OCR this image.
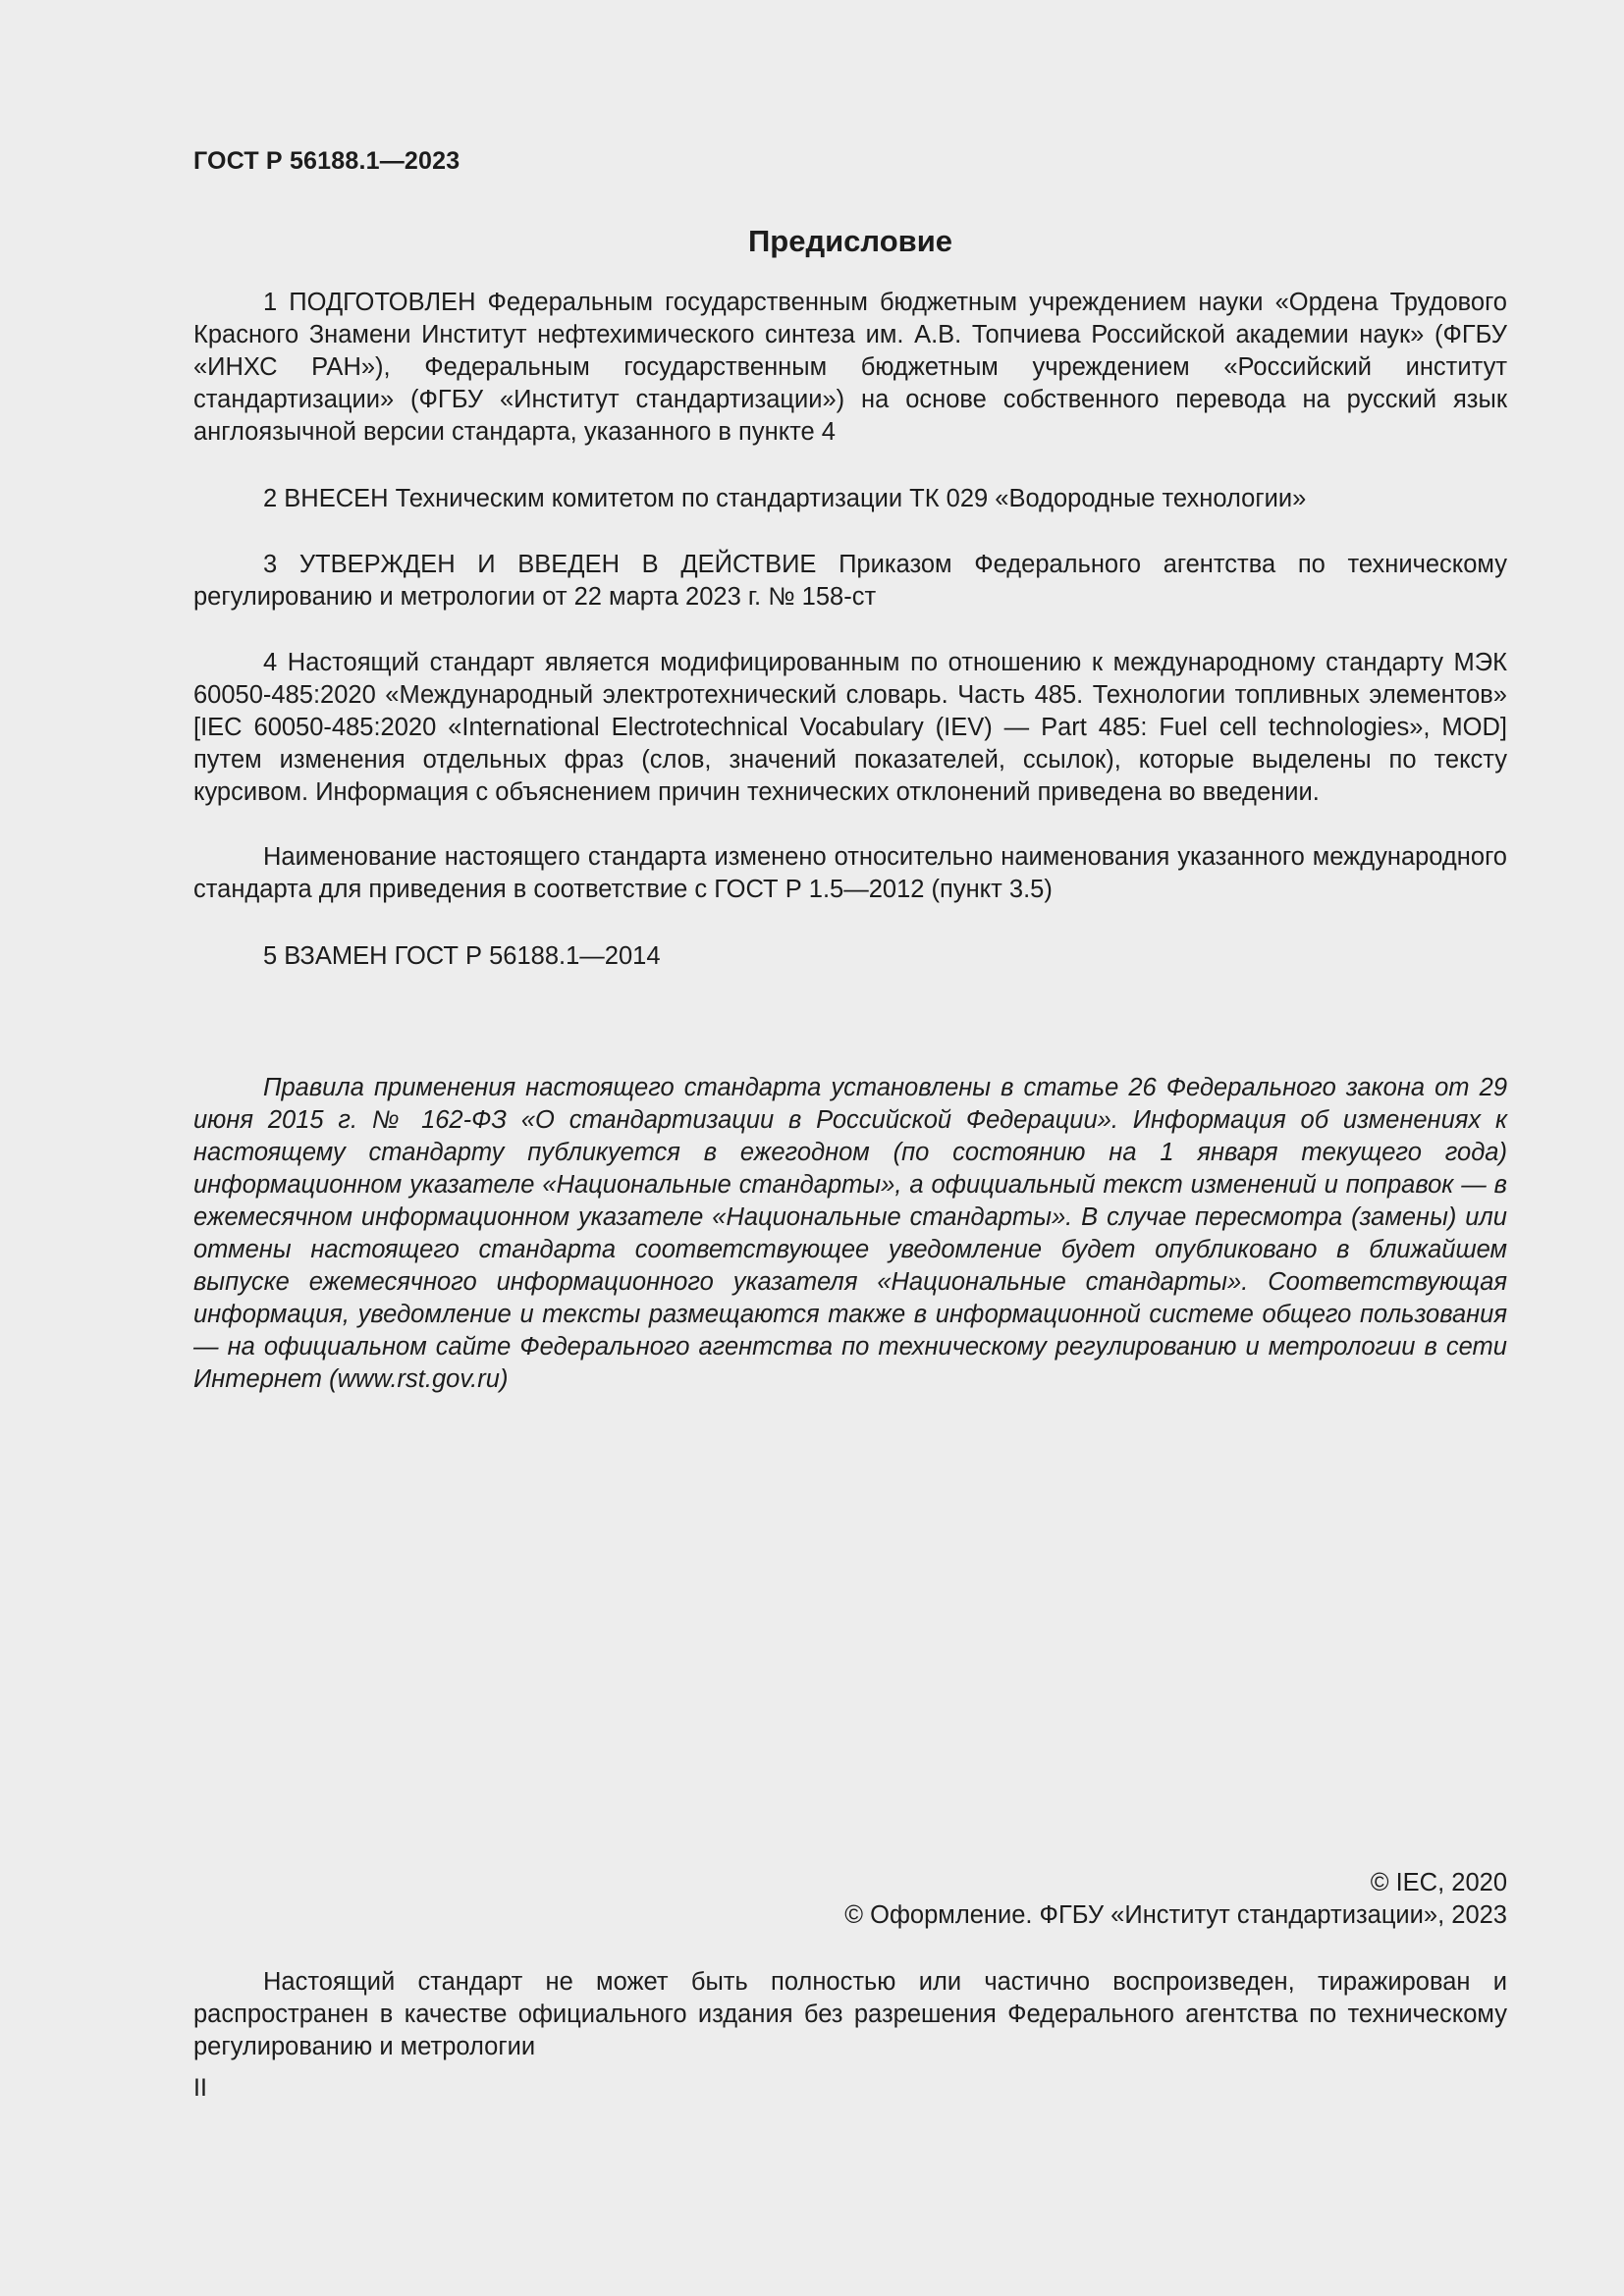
ГОСТ Р 56188.1—2023
Предисловие

1 ПОДГОТОВЛЕН Федеральным государственным бюджетным учреждением науки «Ордена Трудового Красного Знамени Институт нефтехимического синтеза им. А.В. Топчиева Российской академии наук» (ФГБУ «ИНХС РАН»), Федеральным государственным бюджетным учреждением «Российский институт стандартизации» (ФГБУ «Институт стандартизации») на основе собственного перевода на русский язык англоязычной версии стандарта, указанного в пункте 4

2 ВНЕСЕН Техническим комитетом по стандартизации ТК 029 «Водородные технологии»

3 УТВЕРЖДЕН И ВВЕДЕН В ДЕЙСТВИЕ Приказом Федерального агентства по техническому регулированию и метрологии от 22 марта 2023 г. № 158-ст

4 Настоящий стандарт является модифицированным по отношению к международному стандарту МЭК 60050-485:2020 «Международный электротехнический словарь. Часть 485. Технологии топливных элементов» [IEC 60050-485:2020 «International Electrotechnical Vocabulary (IEV) — Part 485: Fuel cell technologies», MOD] путем изменения отдельных фраз (слов, значений показателей, ссылок), которые выделены по тексту курсивом. Информация с объяснением причин технических отклонений приведена во введении.

Наименование настоящего стандарта изменено относительно наименования указанного международного стандарта для приведения в соответствие с ГОСТ Р 1.5—2012 (пункт 3.5)

5 ВЗАМЕН ГОСТ Р 56188.1—2014

Правила применения настоящего стандарта установлены в статье 26 Федерального закона от 29 июня 2015 г. № 162-ФЗ «О стандартизации в Российской Федерации». Информация об изменениях к настоящему стандарту публикуется в ежегодном (по состоянию на 1 января текущего года) информационном указателе «Национальные стандарты», а официальный текст изменений и поправок — в ежемесячном информационном указателе «Национальные стандарты». В случае пересмотра (замены) или отмены настоящего стандарта соответствующее уведомление будет опубликовано в ближайшем выпуске ежемесячного информационного указателя «Национальные стандарты». Соответствующая информация, уведомление и тексты размещаются также в информационной системе общего пользования — на официальном сайте Федерального агентства по техническому регулированию и метрологии в сети Интернет (www.rst.gov.ru)

© IEC, 2020
© Оформление. ФГБУ «Институт стандартизации», 2023

Настоящий стандарт не может быть полностью или частично воспроизведен, тиражирован и распространен в качестве официального издания без разрешения Федерального агентства по техническому регулированию и метрологии

II
